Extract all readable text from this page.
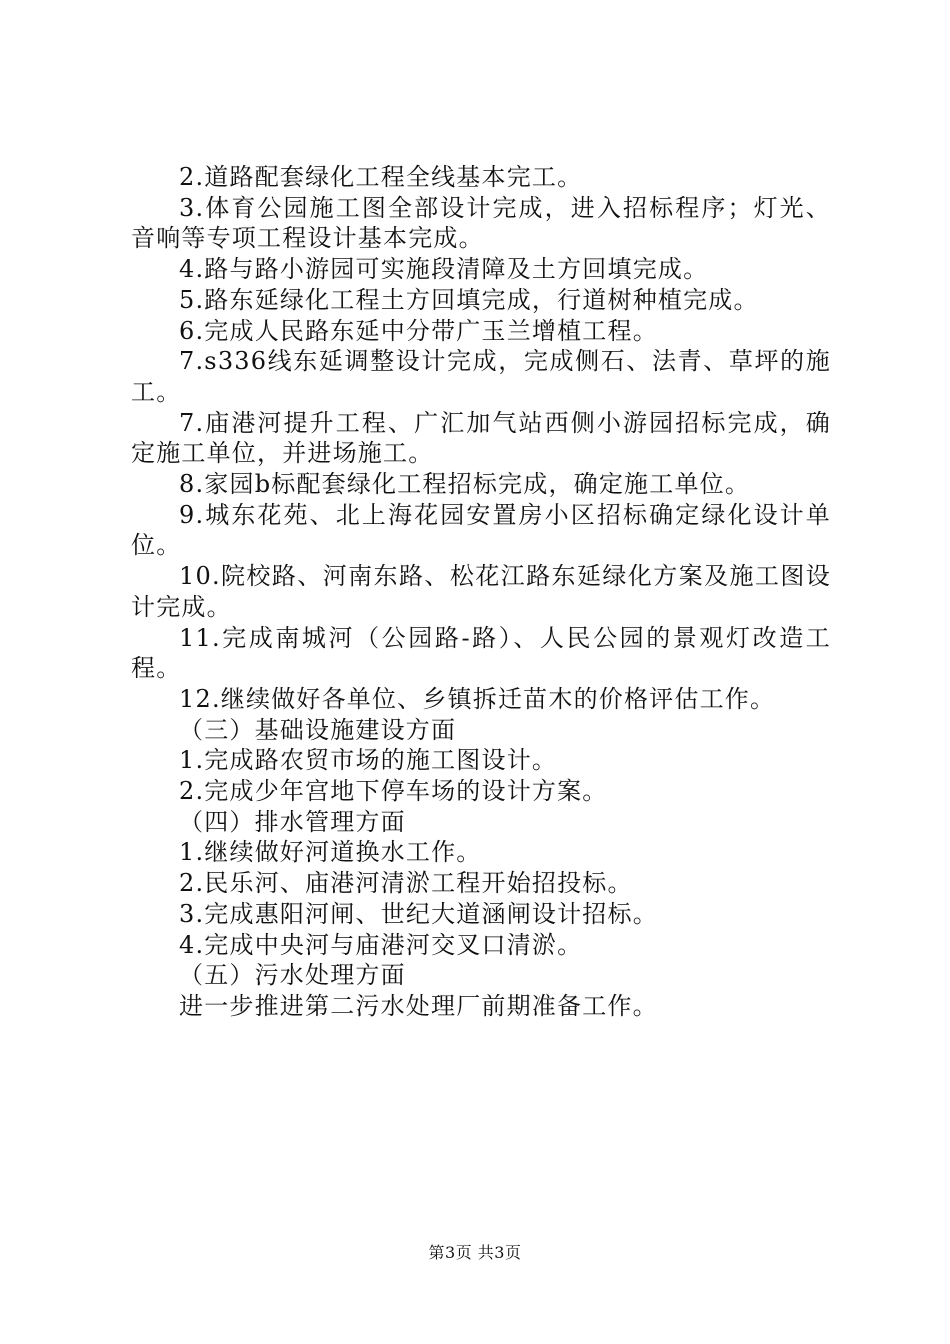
2.道路配套绿化工程全线基本完工。
3.体育公园施工图全部设计完成，进入招标程序；灯光、
音响等专项工程设计基本完成。
4.路与路小游园可实施段清障及土方回填完成。
5.路东延绿化工程土方回填完成，行道树种植完成。
6.完成人民路东延中分带广玉兰增植工程。
7.s336线东延调整设计完成，完成侧石、法青、草坪的施
工。
7.庙港河提升工程、广汇加气站西侧小游园招标完成，确
定施工单位，并进场施工。
8.家园b标配套绿化工程招标完成，确定施工单位。
9.城东花苑、北上海花园安置房小区招标确定绿化设计单
位。
10.院校路、河南东路、松花江路东延绿化方案及施工图设
计完成。
11.完成南城河（公园路-路）、人民公园的景观灯改造工
程。
12.继续做好各单位、乡镇拆迁苗木的价格评估工作。
（三）基础设施建设方面
1.完成路农贸市场的施工图设计。
2.完成少年宫地下停车场的设计方案。
（四）排水管理方面
1.继续做好河道换水工作。
2.民乐河、庙港河清淤工程开始招投标。
3.完成惠阳河闸、世纪大道涵闸设计招标。
4.完成中央河与庙港河交叉口清淤。
（五）污水处理方面
进一步推进第二污水处理厂前期准备工作。
第3页 共3页
